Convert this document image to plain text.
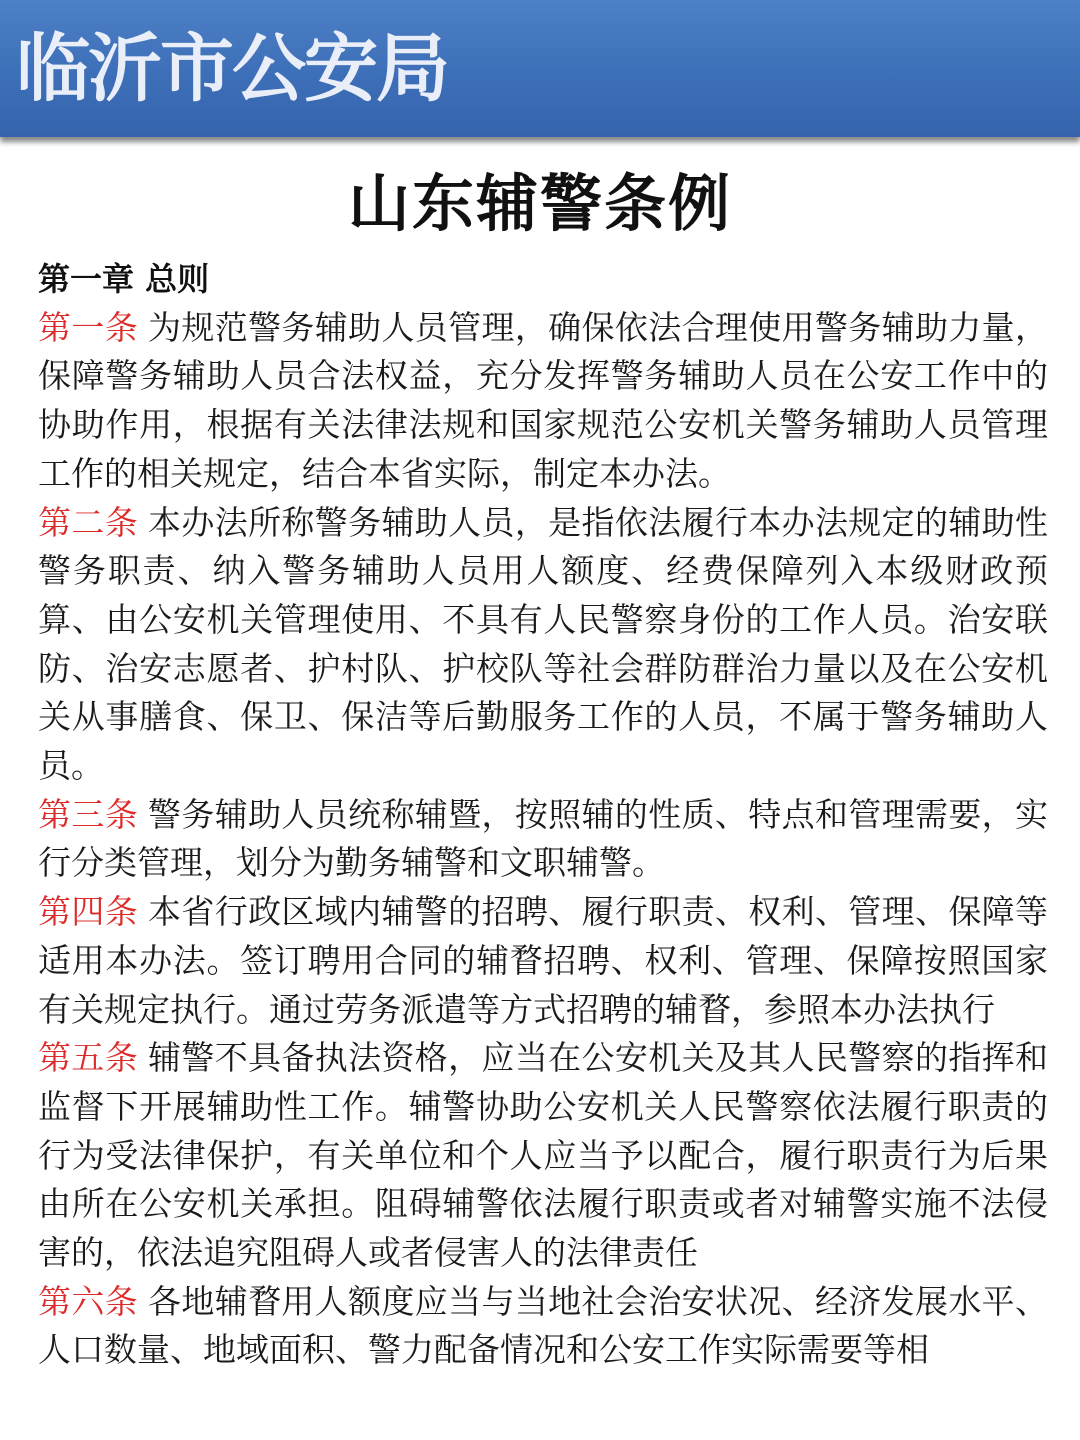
临沂市公安局
山东辅警条例

第一章 总则

第一条 为规范警务辅助人员管理，确保依法合理使用警务辅助力量，保障警务辅助人员合法权益，充分发挥警务辅助人员在公安工作中的协助作用，根据有关法律法规和国家规范公安机关警务辅助人员管理工作的相关规定，结合本省实际，制定本办法。

第二条 本办法所称警务辅助人员，是指依法履行本办法规定的辅助性警务职责、纳入警务辅助人员用人额度、经费保障列入本级财政预算、由公安机关管理使用、不具有人民警察身份的工作人员。治安联防、治安志愿者、护村队、护校队等社会群防群治力量以及在公安机关从事膳食、保卫、保洁等后勤服务工作的人员，不属于警务辅助人员。

第三条 警务辅助人员统称辅暨，按照辅的性质、特点和管理需要，实行分类管理，划分为勤务辅警和文职辅警。

第四条 本省行政区域内辅警的招聘、履行职责、权利、管理、保障等适用本办法。签订聘用合同的辅瞀招聘、权利、管理、保障按照国家有关规定执行。通过劳务派遣等方式招聘的辅瞀，参照本办法执行

第五条 辅警不具备执法资格，应当在公安机关及其人民警察的指挥和监督下开展辅助性工作。辅警协助公安机关人民警察依法履行职责的行为受法律保护，有关单位和个人应当予以配合，履行职责行为后果由所在公安机关承担。阻碍辅警依法履行职责或者对辅警实施不法侵害的，依法追究阻碍人或者侵害人的法律责任

第六条 各地辅瞀用人额度应当与当地社会治安状况、经济发展水平、人口数量、地域面积、警力配备情况和公安工作实际需要等相
